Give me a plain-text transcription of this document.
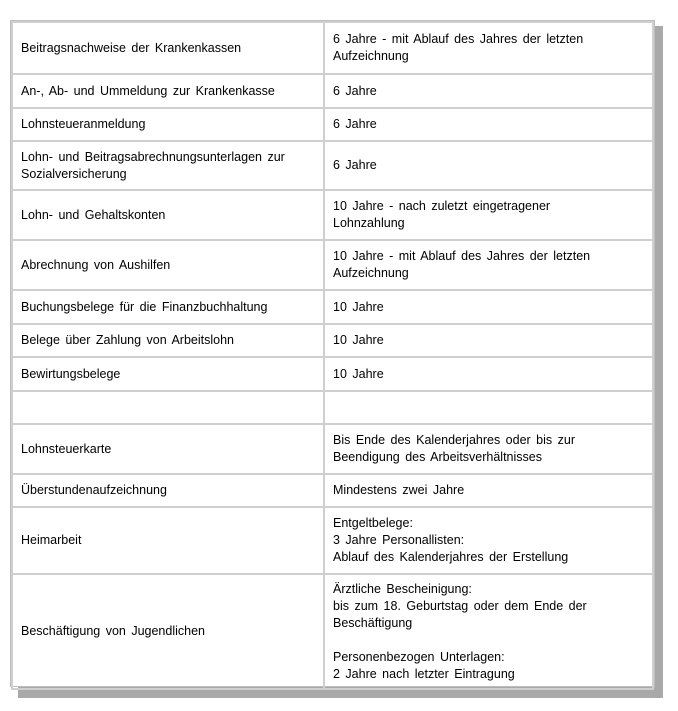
Beitragsnachweise der Krankenkassen	6 Jahre - mit Ablauf des Jahres der letzten
Aufzeichnung

An-, Ab- und Ummeldung zur Krankenkasse	6 Jahre

Lohnsteueranmeldung	6 Jahre

Lohn- und Beitragsabrechnungsunterlagen zur
Sozialversicherung	6 Jahre

Lohn- und Gehaltskonten	10 Jahre - nach zuletzt eingetragener
Lohnzahlung

Abrechnung von Aushilfen	10 Jahre - mit Ablauf des Jahres der letzten
Aufzeichnung

Buchungsbelege für die Finanzbuchhaltung	10 Jahre

Belege über Zahlung von Arbeitslohn	10 Jahre

Bewirtungsbelege	10 Jahre

Lohnsteuerkarte	Bis Ende des Kalenderjahres oder bis zur
Beendigung des Arbeitsverhältnisses

Überstundenaufzeichnung	Mindestens zwei Jahre

Heimarbeit	Entgeltbelege:
3 Jahre Personallisten:
Ablauf des Kalenderjahres der Erstellung

Beschäftigung von Jugendlichen	Ärztliche Bescheinigung:
bis zum 18. Geburtstag oder dem Ende der
Beschäftigung
Personenbezogen Unterlagen:
2 Jahre nach letzter Eintragung
